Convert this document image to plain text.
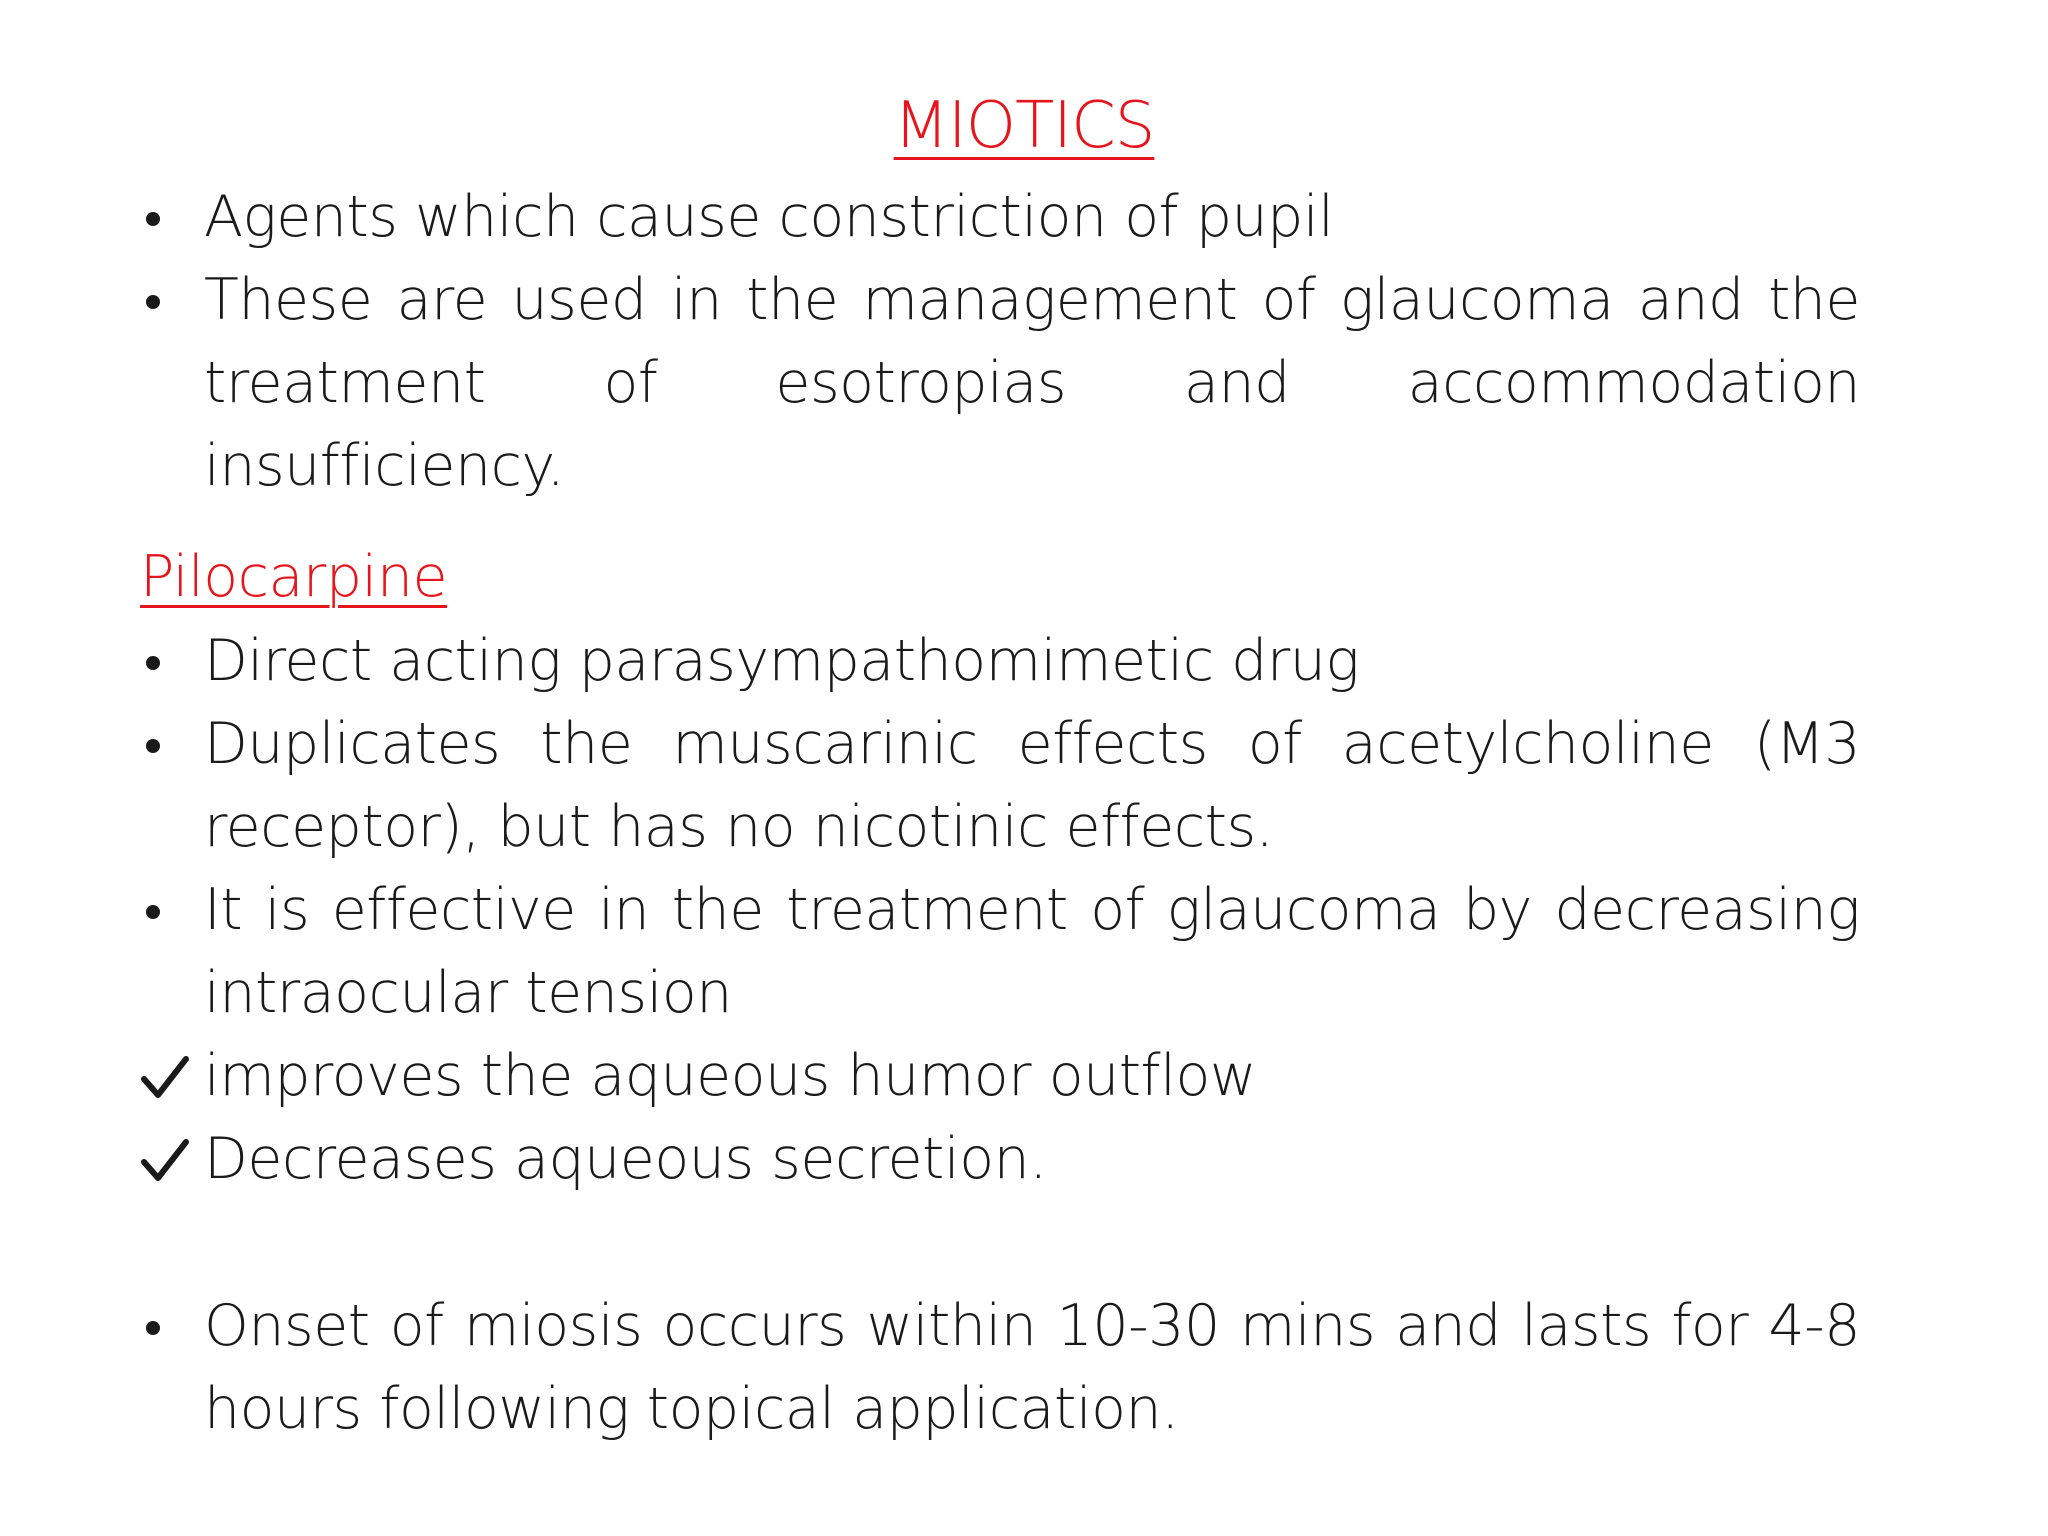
MIOTICS
Agents which cause constriction of pupil
These are used in the management of glaucoma and the
treatment of esotropias and accommodation
insufficiency.
Pilocarpine
Direct acting parasympathomimetic drug
Duplicates the muscarinic effects of acetylcholine (M3
receptor), but has no nicotinic effects.
It is effective in the treatment of glaucoma by decreasing
intraocular tension
improves the aqueous humor outflow
Decreases aqueous secretion.
Onset of miosis occurs within 10-30 mins and lasts for 4-8
hours following topical application.
